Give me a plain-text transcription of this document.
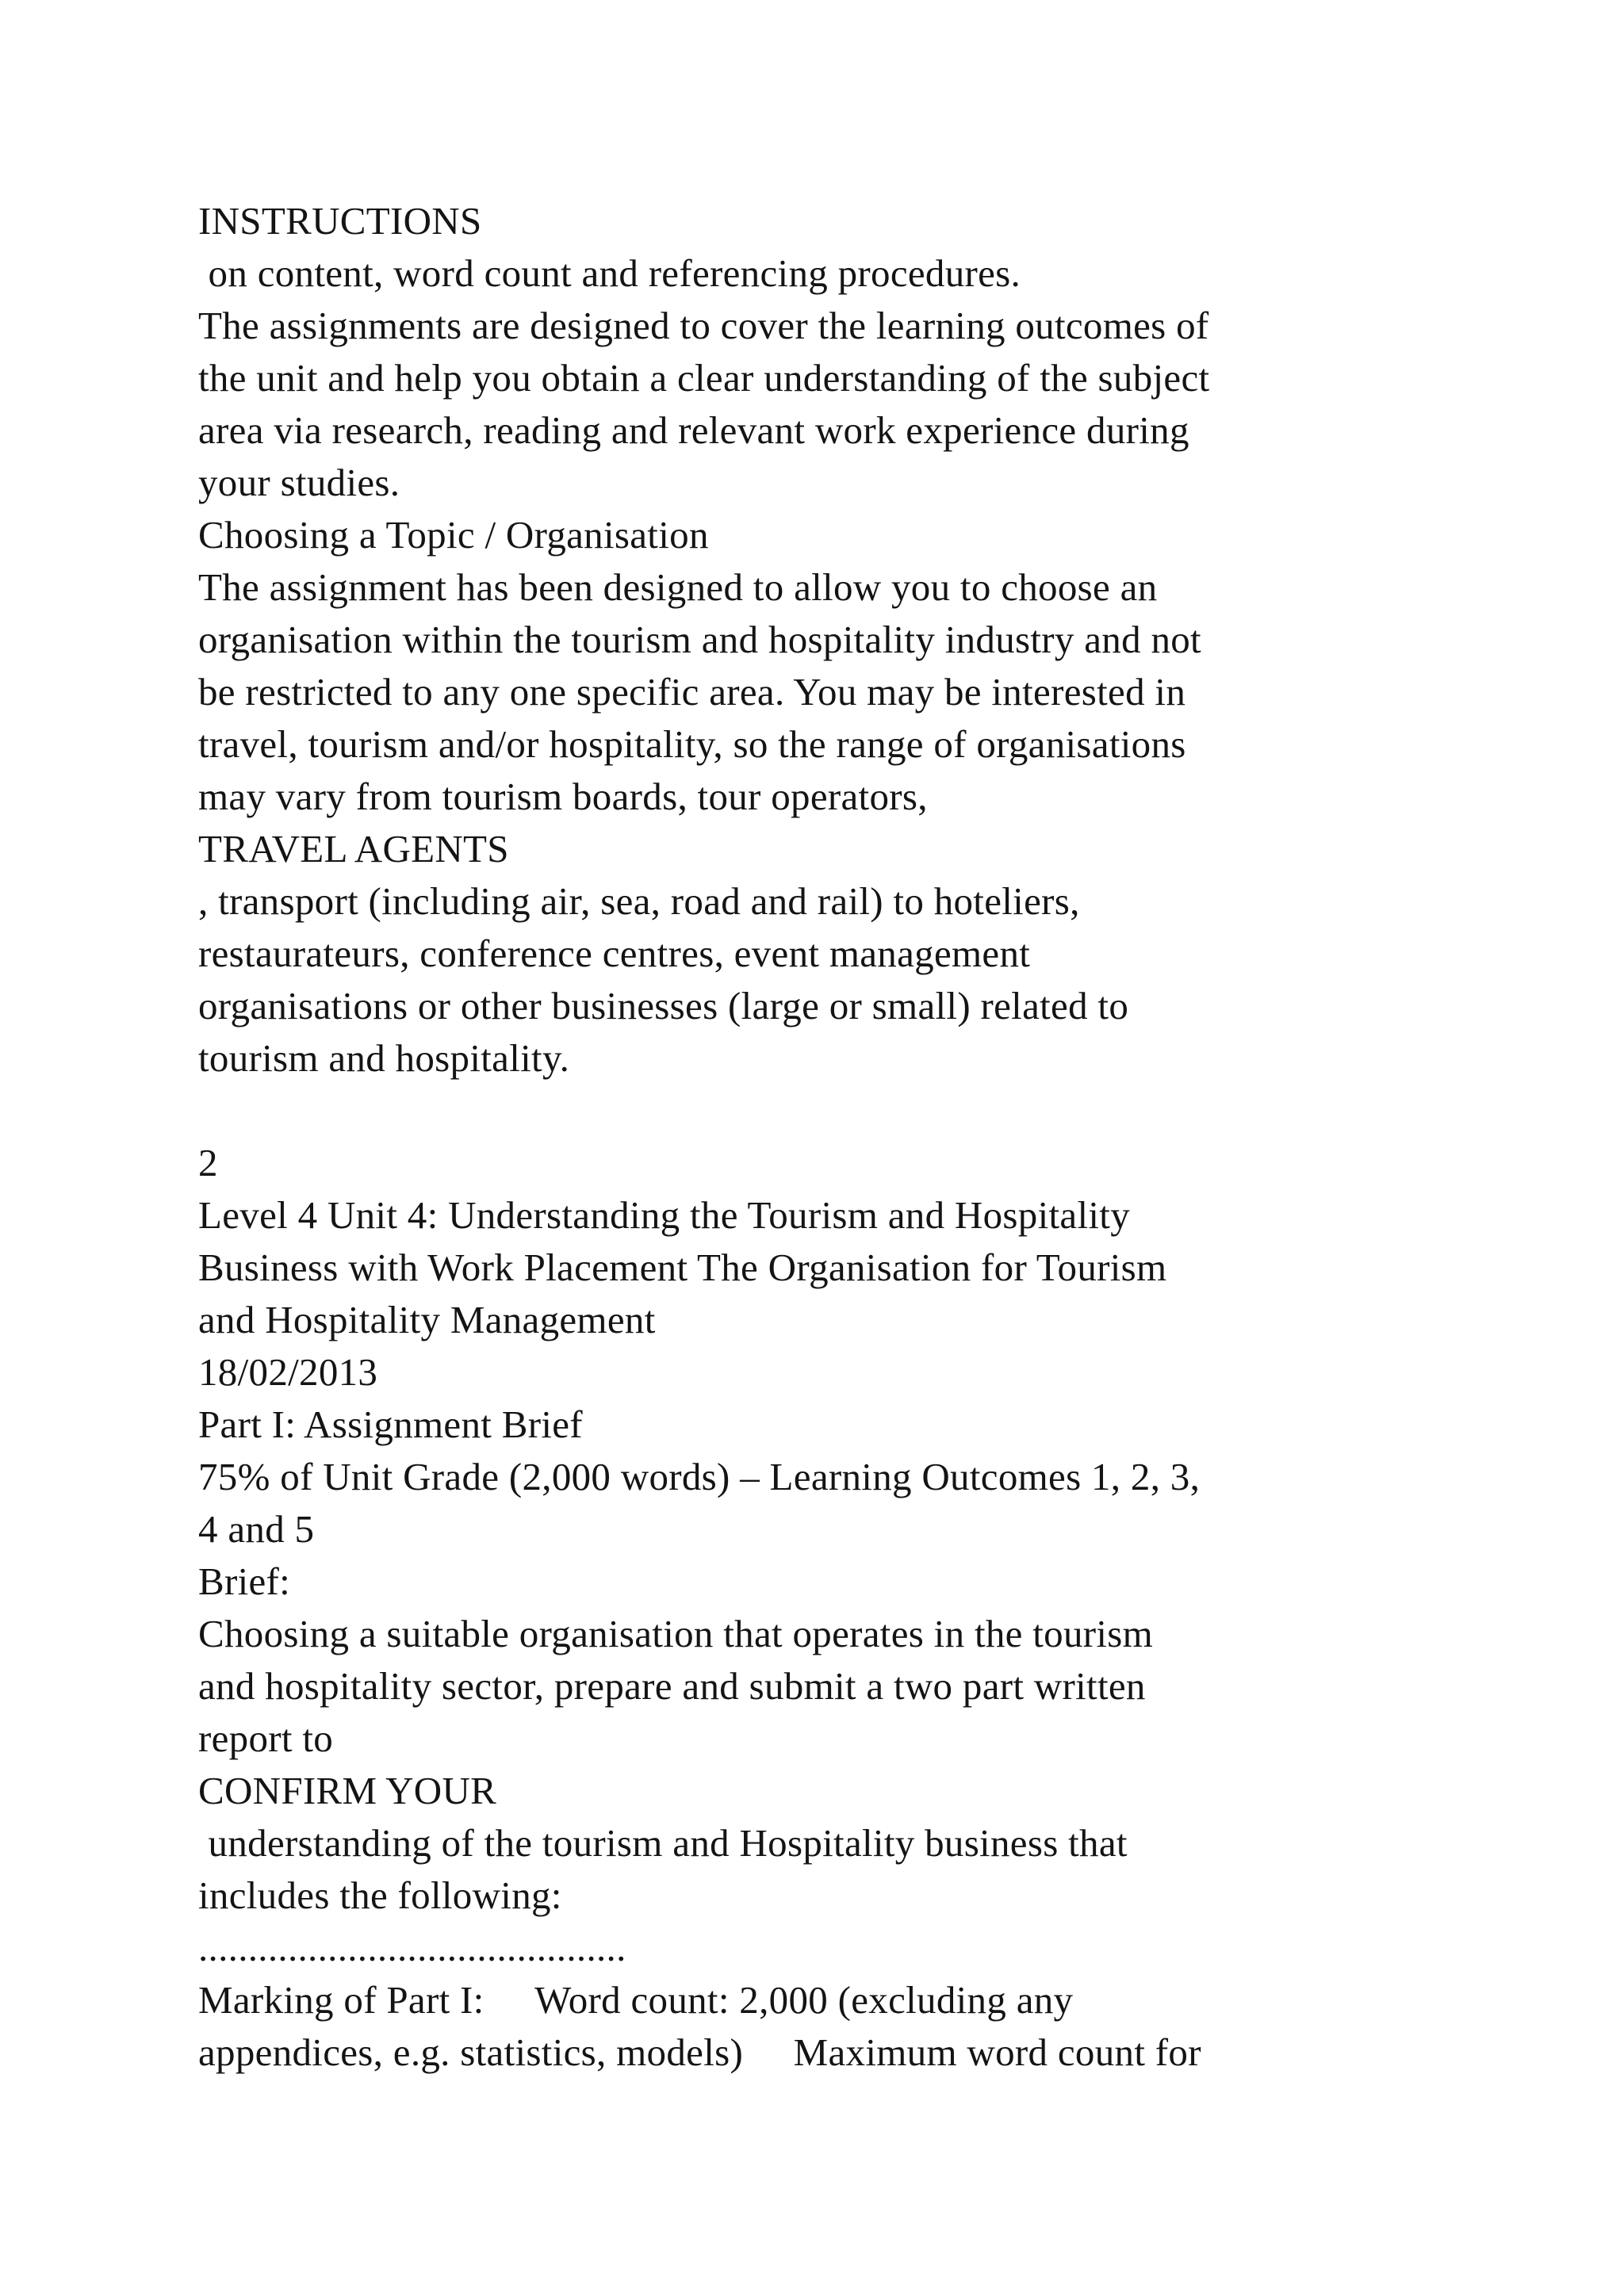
INSTRUCTIONS
on content, word count and referencing procedures.
The assignments are designed to cover the learning outcomes of
the unit and help you obtain a clear understanding of the subject
area via research, reading and relevant work experience during
your studies.
Choosing a Topic / Organisation
The assignment has been designed to allow you to choose an
organisation within the tourism and hospitality industry and not
be restricted to any one specific area. You may be interested in
travel, tourism and/or hospitality, so the range of organisations
may vary from tourism boards, tour operators,
TRAVEL AGENTS
, transport (including air, sea, road and rail) to hoteliers,
restaurateurs, conference centres, event management
organisations or other businesses (large or small) related to
tourism and hospitality.
2
Level 4 Unit 4: Understanding the Tourism and Hospitality
Business with Work Placement The Organisation for Tourism
and Hospitality Management
18/02/2013
Part I: Assignment Brief
75% of Unit Grade (2,000 words) – Learning Outcomes 1, 2, 3,
4 and 5
Brief:
Choosing a suitable organisation that operates in the tourism
and hospitality sector, prepare and submit a two part written
report to
CONFIRM YOUR
understanding of the tourism and Hospitality business that
includes the following:
...........................................
Marking of Part I:   Word count: 2,000 (excluding any
appendices, e.g. statistics, models)   Maximum word count for
